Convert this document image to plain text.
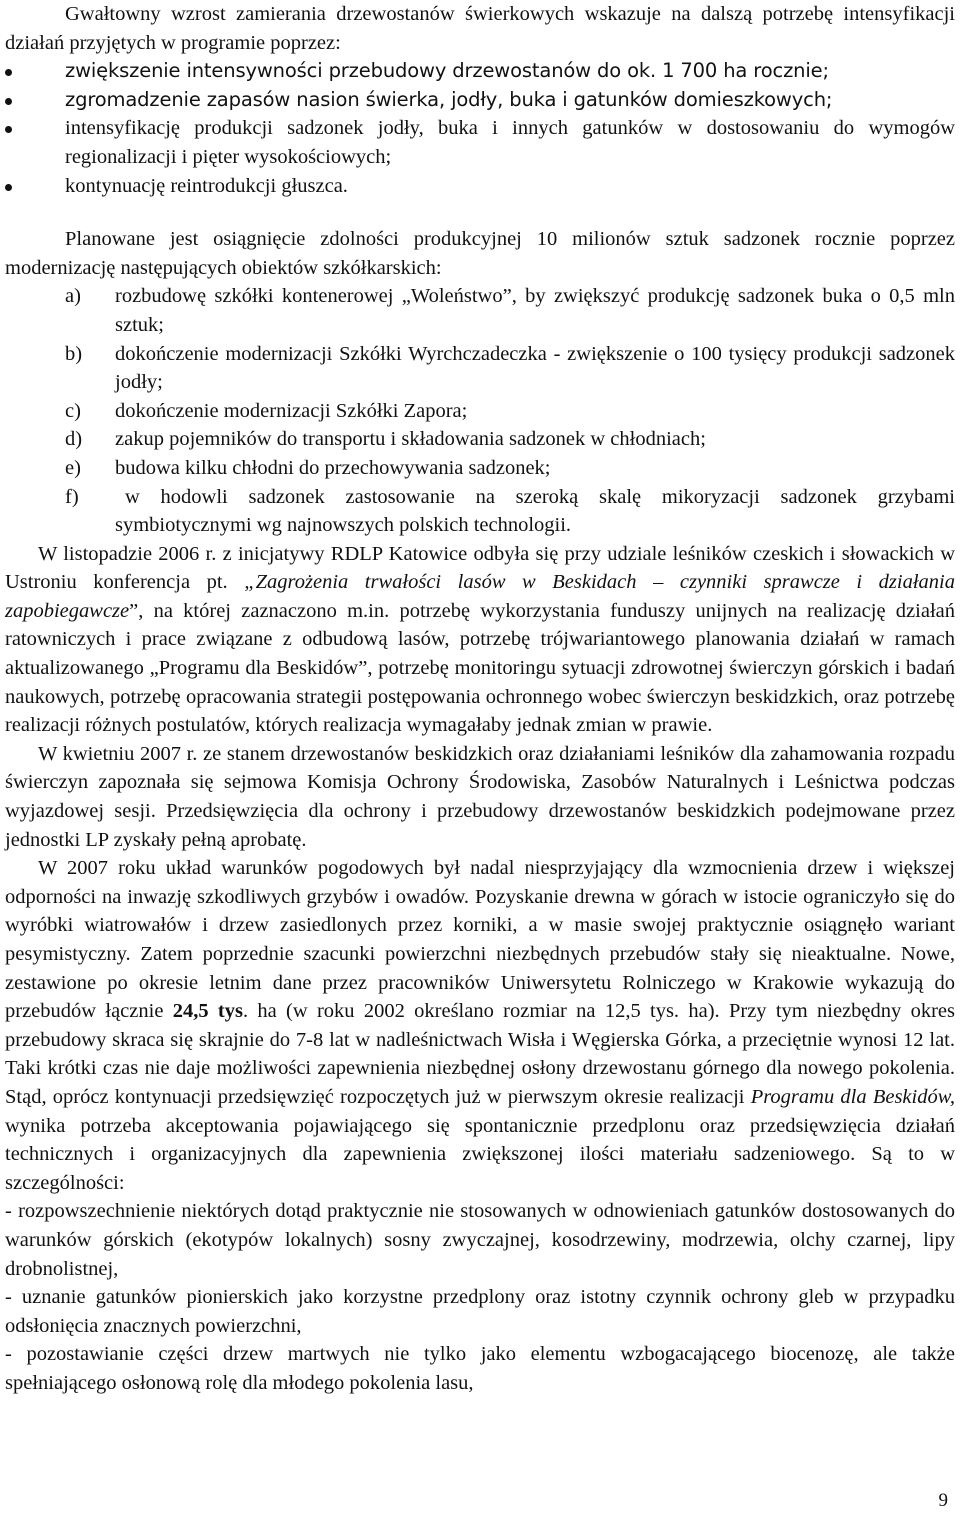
Gwałtowny wzrost zamierania drzewostanów świerkowych wskazuje na dalszą potrzebę intensyfikacji działań przyjętych w programie poprzez:

zwiększenie intensywności przebudowy drzewostanów do ok. 1 700 ha rocznie;
zgromadzenie zapasów nasion świerka, jodły, buka i gatunków domieszkowych;
intensyfikację produkcji sadzonek jodły, buka i innych gatunków w dostosowaniu do wymogów regionalizacji i pięter wysokościowych;
kontynuację reintrodukcji głuszca.

Planowane jest osiągnięcie zdolności produkcyjnej 10 milionów sztuk sadzonek rocznie poprzez modernizację następujących obiektów szkółkarskich:

a) rozbudowę szkółki kontenerowej „Woleństwo”, by zwiększyć produkcję sadzonek buka o 0,5 mln sztuk;
b) dokończenie modernizacji Szkółki Wyrchczadeczka - zwiększenie o 100 tysięcy produkcji sadzonek jodły;
c) dokończenie modernizacji Szkółki Zapora;
d) zakup pojemników do transportu i składowania sadzonek w chłodniach;
e) budowa kilku chłodni do przechowywania sadzonek;
f)	w hodowli sadzonek zastosowanie na szeroką skalę mikoryzacji sadzonek grzybami symbiotycznymi wg najnowszych polskich technologii.

W listopadzie 2006 r. z inicjatywy RDLP Katowice odbyła się przy udziale leśników czeskich i słowackich w Ustroniu konferencja pt. „Zagrożenia trwałości lasów w Beskidach – czynniki sprawcze i działania zapobiegawcze”, na której zaznaczono m.in. potrzebę wykorzystania funduszy unijnych na realizację działań ratowniczych i prace związane z odbudową lasów, potrzebę trójwariantowego planowania działań w ramach aktualizowanego „Programu dla Beskidów”, potrzebę monitoringu sytuacji zdrowotnej świerczyn górskich i badań naukowych, potrzebę opracowania strategii postępowania ochronnego wobec świerczyn beskidzkich, oraz potrzebę realizacji różnych postulatów, których realizacja wymagałaby jednak zmian w prawie.

W kwietniu 2007 r. ze stanem drzewostanów beskidzkich oraz działaniami leśników dla zahamowania rozpadu świerczyn zapoznała się sejmowa Komisja Ochrony Środowiska, Zasobów Naturalnych i Leśnictwa podczas wyjazdowej sesji. Przedsięwzięcia dla ochrony i przebudowy drzewostanów beskidzkich podejmowane przez jednostki LP zyskały pełną aprobatę.

W 2007 roku układ warunków pogodowych był nadal niesprzyjający dla wzmocnienia drzew i większej odporności na inwazję szkodliwych grzybów i owadów. Pozyskanie drewna w górach w istocie ograniczyło się do wyróbki wiatrowałów i drzew zasiedlonych przez korniki, a w masie swojej praktycznie osiągnęło wariant pesymistyczny. Zatem poprzednie szacunki powierzchni niezbędnych przebudów stały się nieaktualne. Nowe, zestawione po okresie letnim dane przez pracowników Uniwersytetu Rolniczego w Krakowie wykazują do przebudów łącznie 24,5 tys. ha (w roku 2002 określano rozmiar na 12,5 tys. ha). Przy tym niezbędny okres przebudowy skraca się skrajnie do 7-8 lat w nadleśnictwach Wisła i Węgierska Górka, a przeciętnie wynosi 12 lat. Taki krótki czas nie daje możliwości zapewnienia niezbędnej osłony drzewostanu górnego dla nowego pokolenia. Stąd, oprócz kontynuacji przedsięwzięć rozpoczętych już w pierwszym okresie realizacji Programu dla Beskidów, wynika potrzeba akceptowania pojawiającego się spontanicznie przedplonu oraz przedsięwzięcia działań technicznych i organizacyjnych dla zapewnienia zwiększonej ilości materiału sadzeniowego. Są to w szczególności:

- rozpowszechnienie niektórych dotąd praktycznie nie stosowanych w odnowieniach gatunków dostosowanych do warunków górskich (ekotypów lokalnych) sosny zwyczajnej, kosodrzewiny, modrzewia, olchy czarnej, lipy drobnolistnej,

- uznanie gatunków pionierskich jako korzystne przedplony oraz istotny czynnik ochrony gleb w przypadku odsłonięcia znacznych powierzchni,

- pozostawianie części drzew martwych nie tylko jako elementu wzbogacającego biocenozę, ale także spełniającego osłonową rolę dla młodego pokolenia lasu,

9
